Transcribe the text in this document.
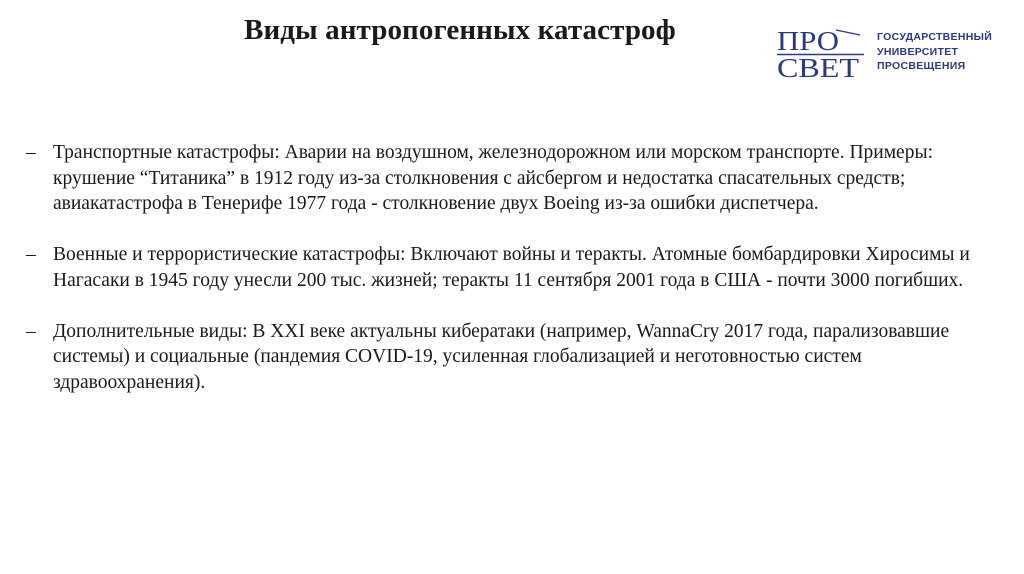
Виды антропогенных катастроф	ПРО
СВЕТ
ГОСУДАРСТВЕННЫЙ
УНИВЕРСИТЕТ
ПРОСВЕЩЕНИЯ
– Транспортные катастрофы: Аварии на воздушном, железнодорожном или морском транспорте. Примеры: крушение “Титаника” в 1912 году из-за столкновения с айсбергом и недостатка спасательных средств; авиакатастрофа в Тенерифе 1977 года - столкновение двух Boeing из-за ошибки диспетчера.
– Военные и террористические катастрофы: Включают войны и теракты. Атомные бомбардировки Хиросимы и Нагасаки в 1945 году унесли 200 тыс. жизней; теракты 11 сентября 2001 года в США - почти 3000 погибших.
– Дополнительные виды: В XXI веке актуальны кибератаки (например, WannaCry 2017 года, парализовавшие системы) и социальные (пандемия COVID-19, усиленная глобализацией и неготовностью систем здравоохранения).
